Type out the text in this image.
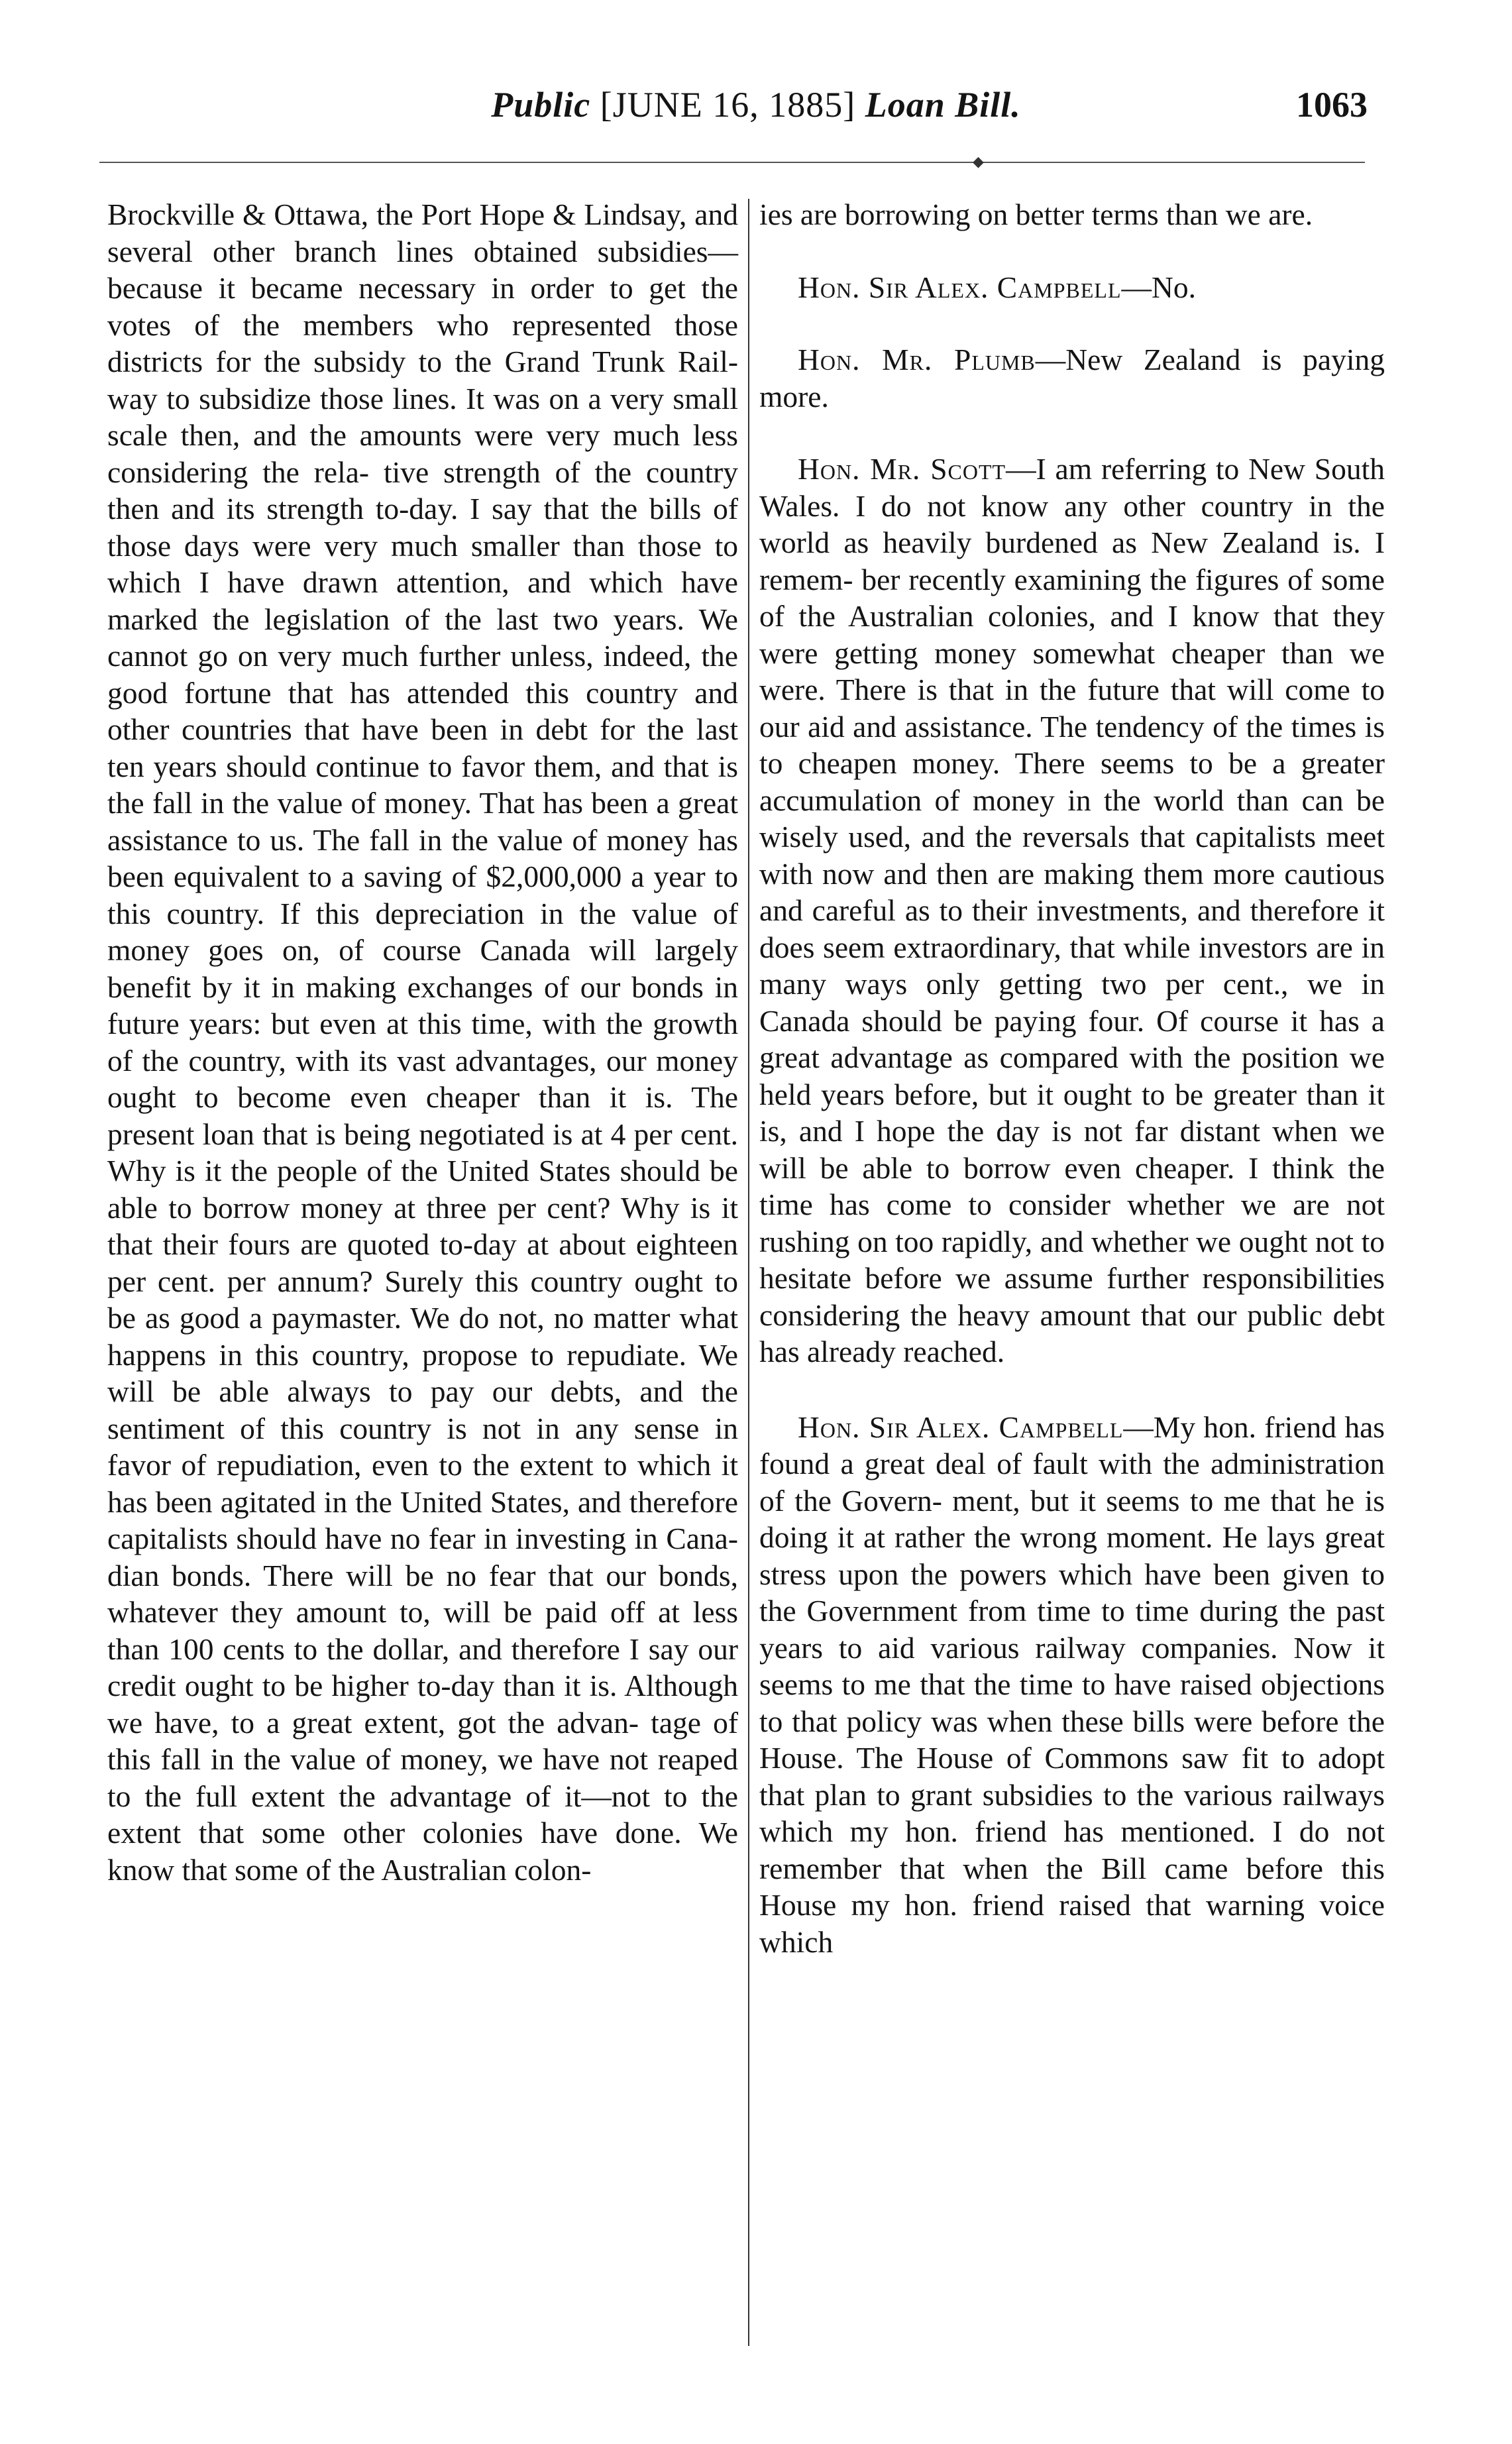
Public [JUNE 16, 1885] Loan Bill.	1063
◆

Brockville & Ottawa, the Port Hope & Lindsay, and several other branch lines obtained subsidies—because it became necessary in order to get the votes of the members who represented those districts for the subsidy to the Grand Trunk Rail- way to subsidize those lines. It was on a very small scale then, and the amounts were very much less considering the rela- tive strength of the country then and its strength to-day. I say that the bills of those days were very much smaller than those to which I have drawn attention, and which have marked the legislation of the last two years. We cannot go on very much further unless, indeed, the good fortune that has attended this country and other countries that have been in debt for the last ten years should continue to favor them, and that is the fall in the value of money. That has been a great assistance to us. The fall in the value of money has been equivalent to a saving of $2,000,000 a year to this country. If this depreciation in the value of money goes on, of course Canada will largely benefit by it in making exchanges of our bonds in future years: but even at this time, with the growth of the country, with its vast advantages, our money ought to become even cheaper than it is. The present loan that is being negotiated is at 4 per cent. Why is it the people of the United States should be able to borrow money at three per cent? Why is it that their fours are quoted to-day at about eighteen per cent. per annum? Surely this country ought to be as good a paymaster. We do not, no matter what happens in this country, propose to repudiate. We will be able always to pay our debts, and the sentiment of this country is not in any sense in favor of repudiation, even to the extent to which it has been agitated in the United States, and therefore capitalists should have no fear in investing in Cana- dian bonds. There will be no fear that our bonds, whatever they amount to, will be paid off at less than 100 cents to the dollar, and therefore I say our credit ought to be higher to-day than it is. Although we have, to a great extent, got the advan- tage of this fall in the value of money, we have not reaped to the full extent the advantage of it—not to the extent that some other colonies have done. We know that some of the Australian colon-

ies are borrowing on better terms than we are.

Hon. Sir Alex. Campbell—No.

Hon. Mr. Plumb—New Zealand is paying more.

Hon. Mr. Scott—I am referring to New South Wales. I do not know any other country in the world as heavily burdened as New Zealand is. I remem- ber recently examining the figures of some of the Australian colonies, and I know that they were getting money somewhat cheaper than we were. There is that in the future that will come to our aid and assistance. The tendency of the times is to cheapen money. There seems to be a greater accumulation of money in the world than can be wisely used, and the reversals that capitalists meet with now and then are making them more cautious and careful as to their investments, and therefore it does seem extraordinary, that while investors are in many ways only getting two per cent., we in Canada should be paying four. Of course it has a great advantage as compared with the position we held years before, but it ought to be greater than it is, and I hope the day is not far distant when we will be able to borrow even cheaper. I think the time has come to consider whether we are not rushing on too rapidly, and whether we ought not to hesitate before we assume further responsibilities considering the heavy amount that our public debt has already reached.

Hon. Sir Alex. Campbell—My hon. friend has found a great deal of fault with the administration of the Govern- ment, but it seems to me that he is doing it at rather the wrong moment. He lays great stress upon the powers which have been given to the Government from time to time during the past years to aid various railway companies. Now it seems to me that the time to have raised objections to that policy was when these bills were before the House. The House of Commons saw fit to adopt that plan to grant subsidies to the various railways which my hon. friend has mentioned. I do not remember that when the Bill came before this House my hon. friend raised that warning voice which
